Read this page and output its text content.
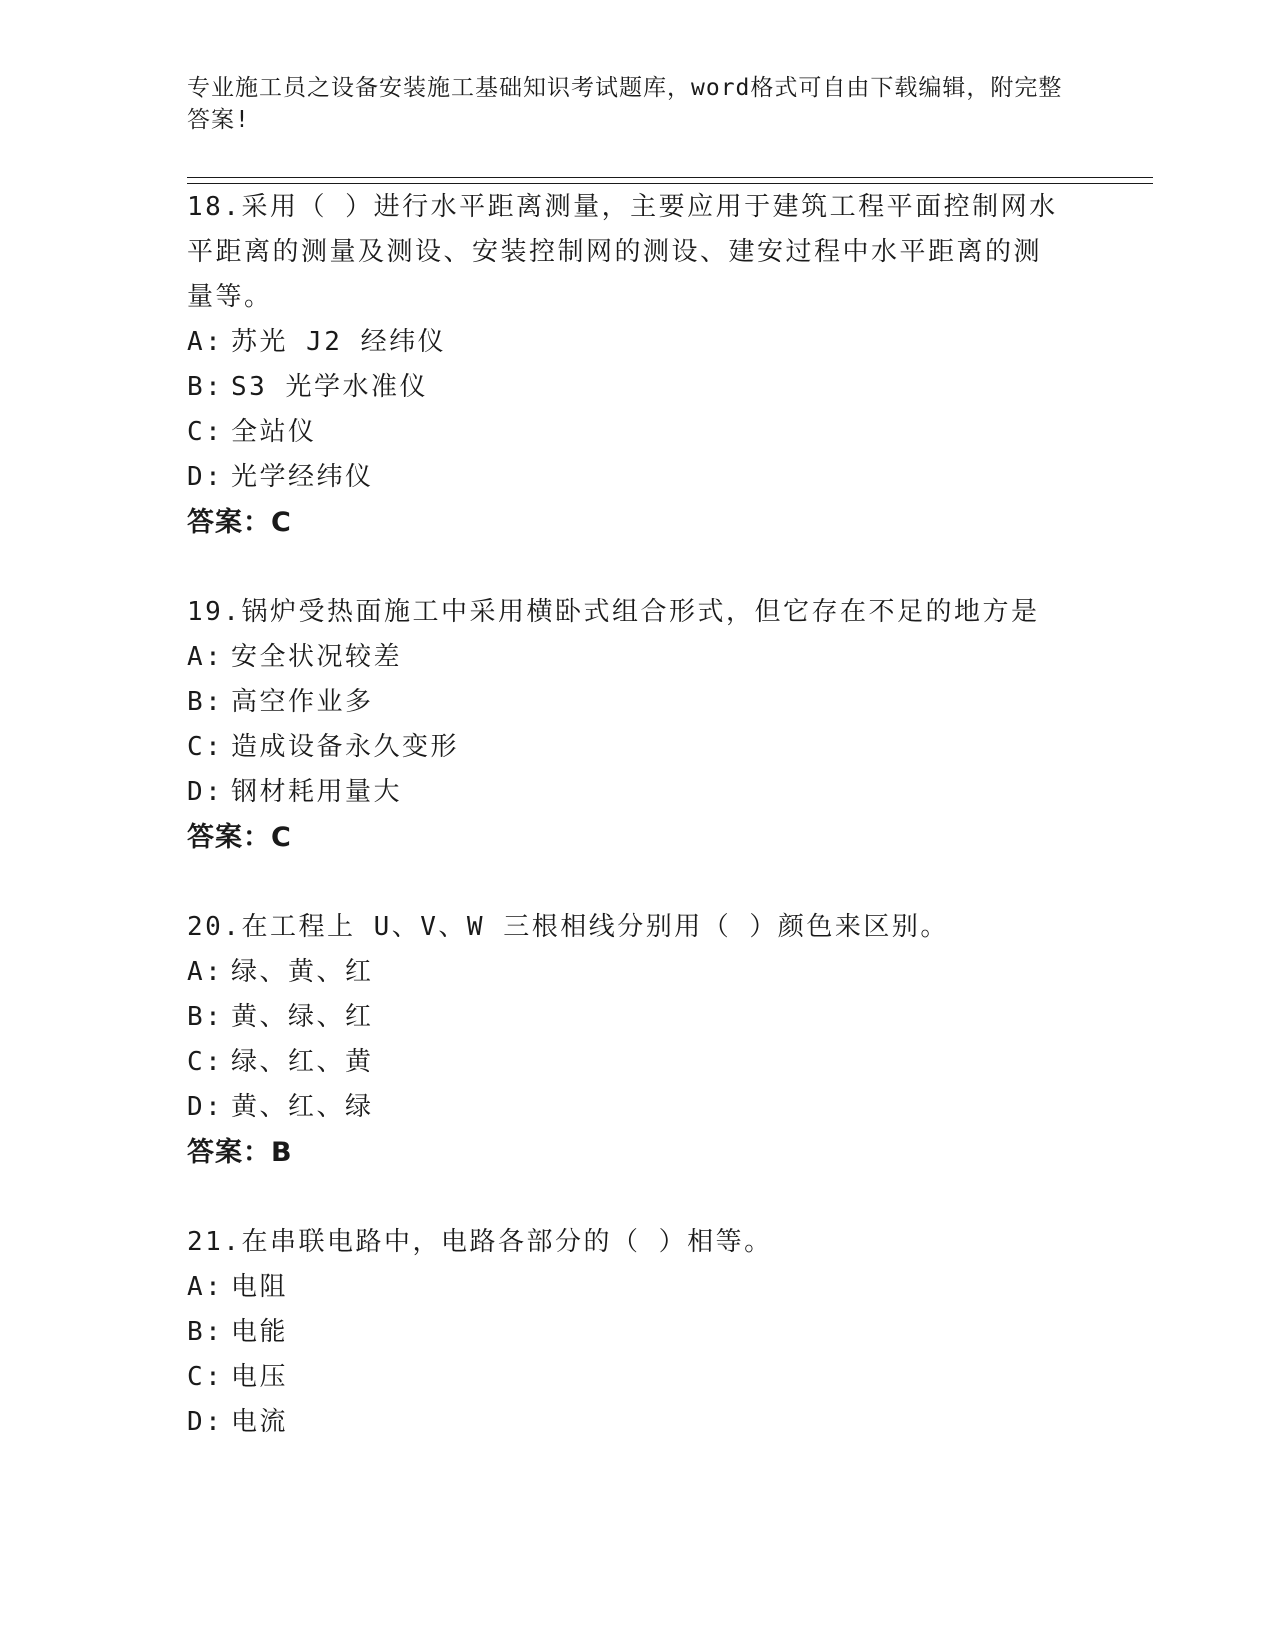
专业施工员之设备安装施工基础知识考试题库，word格式可自由下载编辑，附完整答案!

18.采用（ ）进行水平距离测量，主要应用于建筑工程平面控制网水平距离的测量及测设、安装控制网的测设、建安过程中水平距离的测量等。

A: 苏光 J2 经纬仪

B: S3 光学水准仪

C: 全站仪

D: 光学经纬仪

答案：C

19.锅炉受热面施工中采用横卧式组合形式，但它存在不足的地方是

A: 安全状况较差

B: 高空作业多

C: 造成设备永久变形

D: 钢材耗用量大

答案：C

20.在工程上 U、V、W 三根相线分别用（ ）颜色来区别。

A: 绿、黄、红

B: 黄、绿、红

C: 绿、红、黄

D: 黄、红、绿

答案：B

21.在串联电路中，电路各部分的（ ）相等。

A: 电阻

B: 电能

C: 电压

D: 电流
